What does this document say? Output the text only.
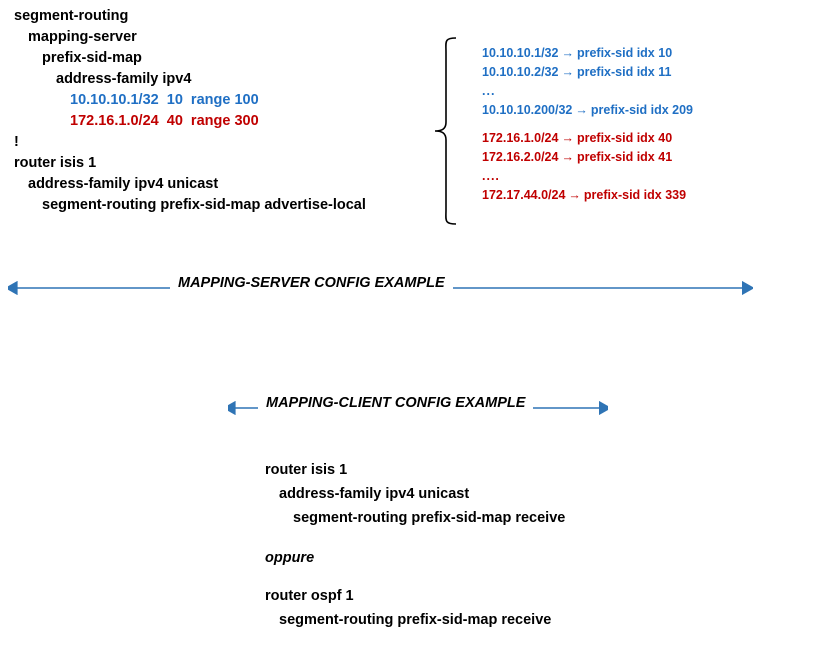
segment-routing
mapping-server
prefix-sid-map
address-family ipv4
10.10.10.1/32  10  range 100
172.16.1.0/24  40  range 300
!
router isis 1
address-family ipv4 unicast
segment-routing prefix-sid-map advertise-local
10.10.10.1/32 → prefix-sid idx 10
10.10.10.2/32 → prefix-sid idx 11
...
10.10.10.200/32 → prefix-sid idx 209
172.16.1.0/24 → prefix-sid idx 40
172.16.2.0/24 → prefix-sid idx 41
....
172.17.44.0/24 → prefix-sid idx 339
MAPPING-SERVER CONFIG EXAMPLE
MAPPING-CLIENT CONFIG EXAMPLE
router isis 1
address-family ipv4 unicast
segment-routing prefix-sid-map receive
oppure
router ospf 1
segment-routing prefix-sid-map receive
